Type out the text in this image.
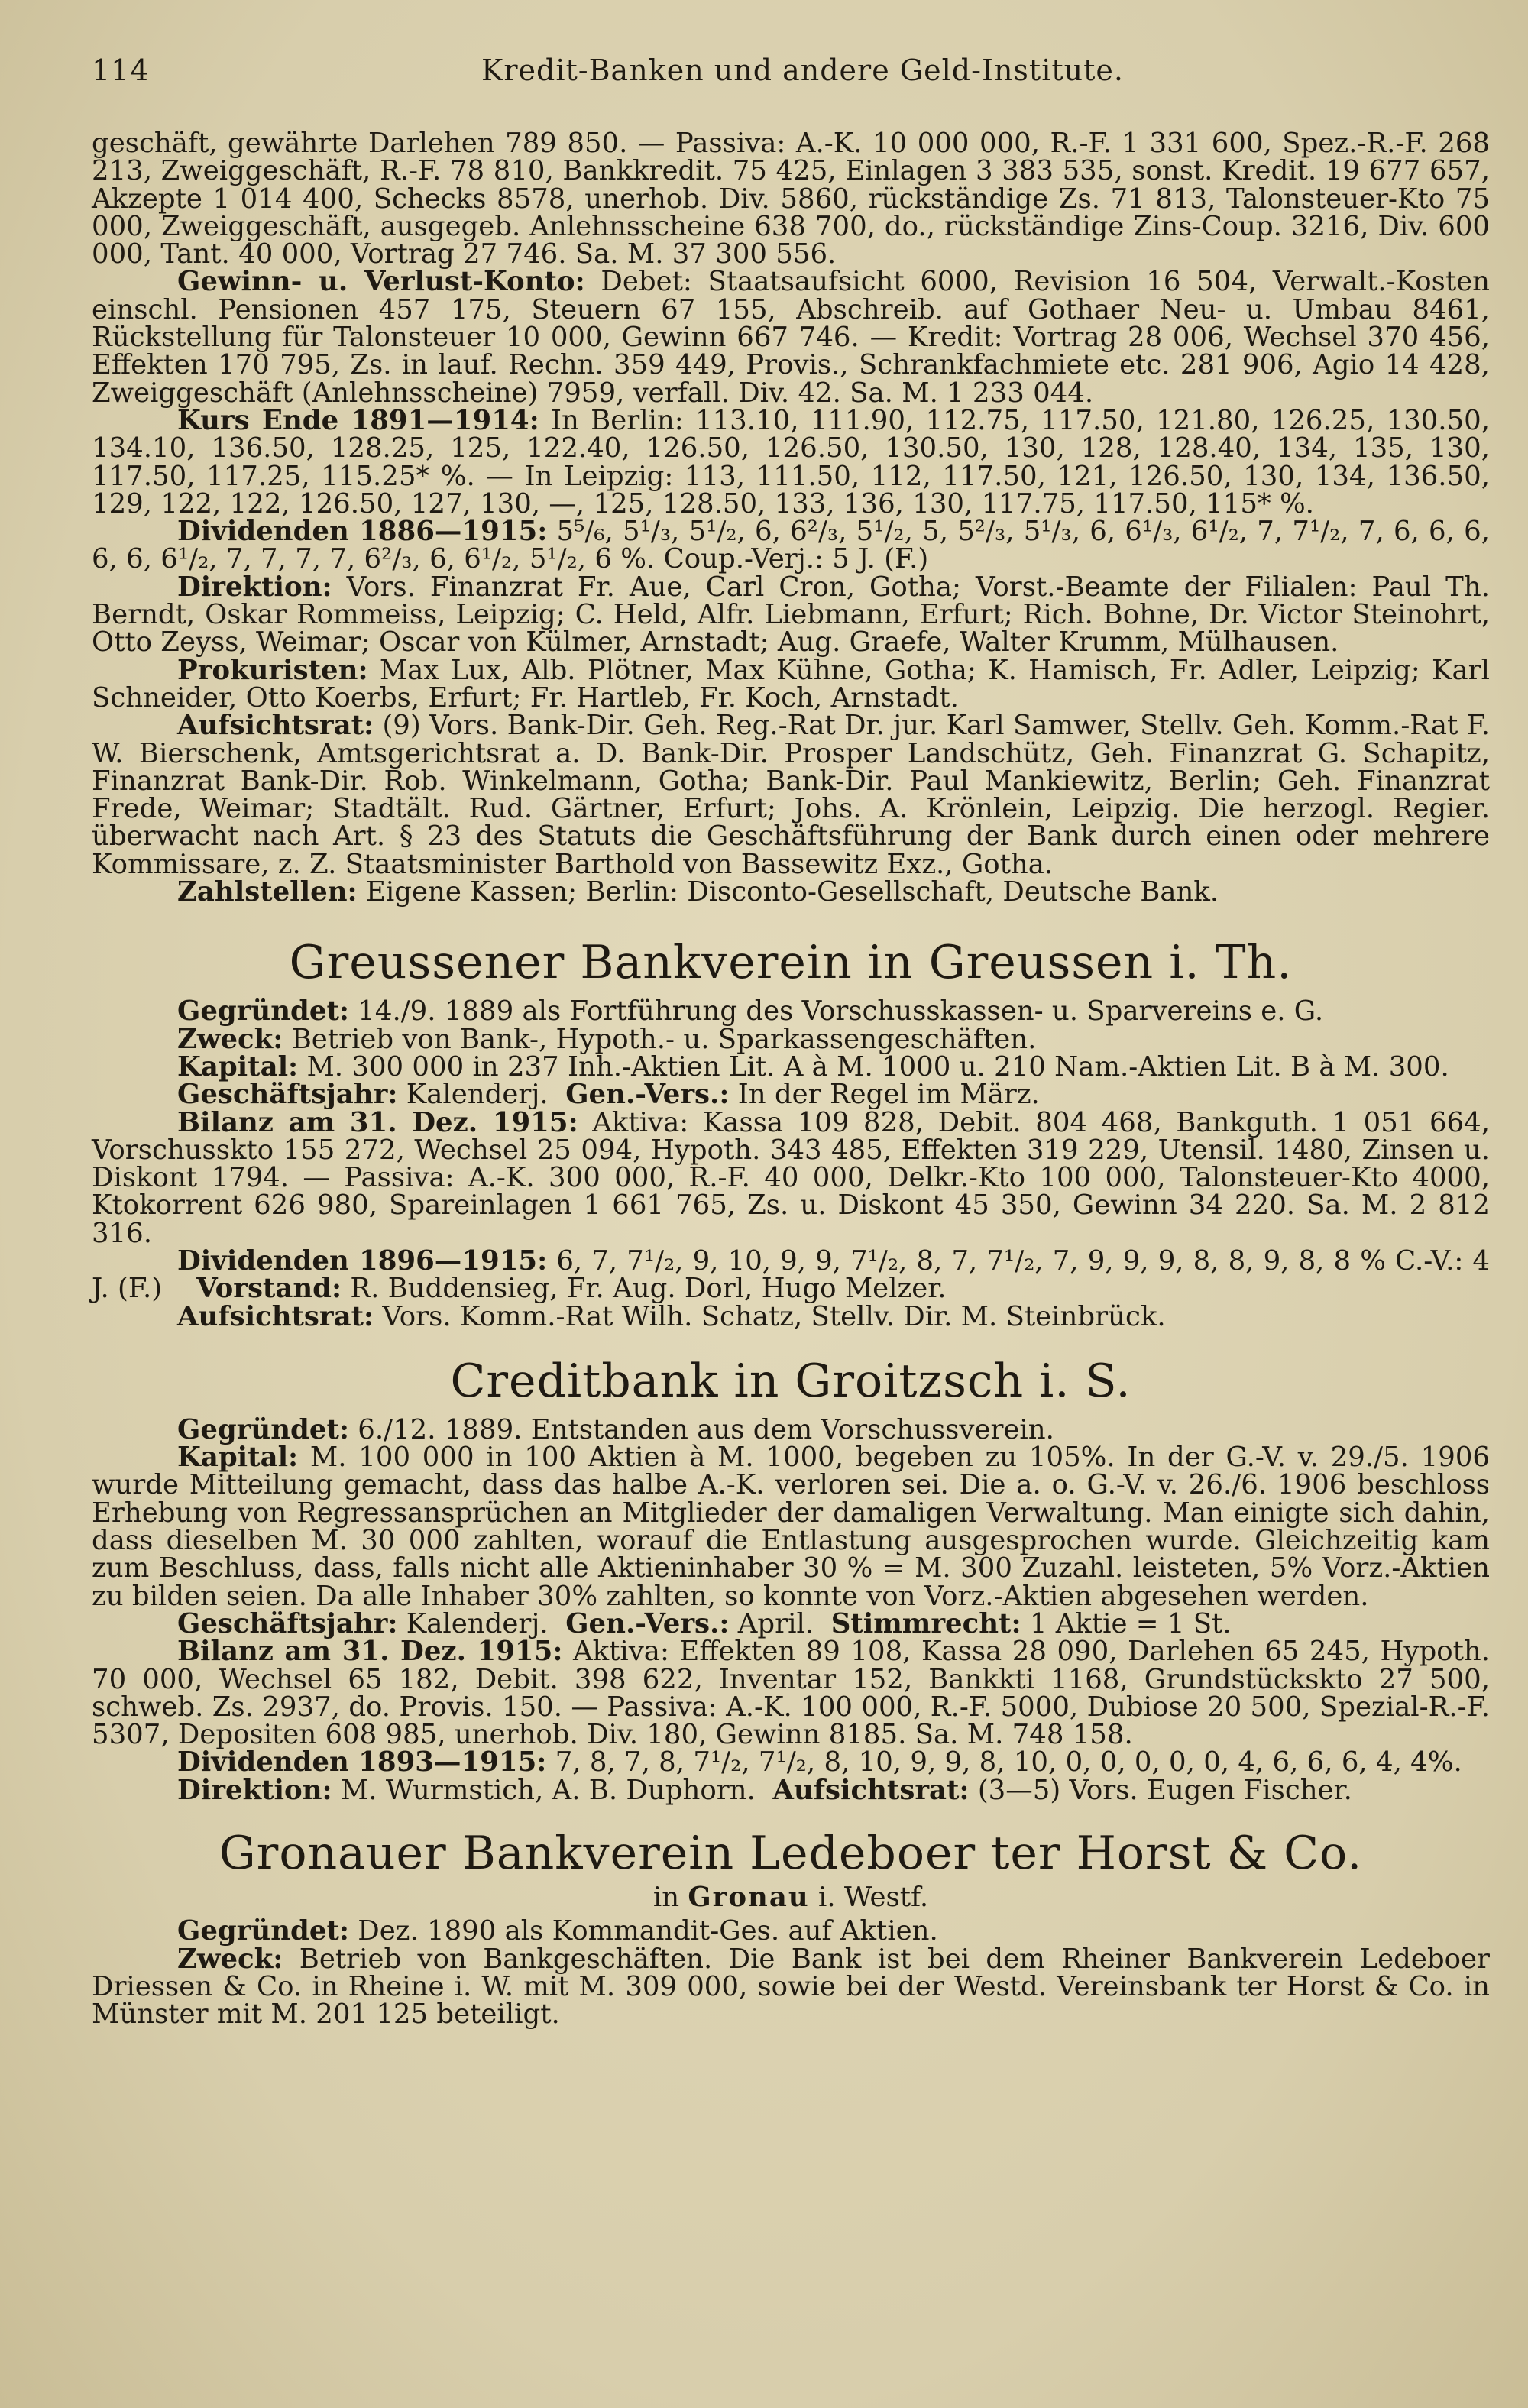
114	Kredit-Banken und andere Geld-Institute.

geschäft, gewährte Darlehen 789 850. — Passiva: A.-K. 10 000 000, R.-F. 1 331 600, Spez.-R.-F. 268 213, Zweiggeschäft, R.-F. 78 810, Bankkredit. 75 425, Einlagen 3 383 535, sonst. Kredit. 19 677 657, Akzepte 1 014 400, Schecks 8578, unerhob. Div. 5860, rückständige Zs. 71 813, Talonsteuer-Kto 75 000, Zweiggeschäft, ausgegeb. Anlehnsscheine 638 700, do., rückständige Zins-Coup. 3216, Div. 600 000, Tant. 40 000, Vortrag 27 746. Sa. M. 37 300 556.

Gewinn- u. Verlust-Konto: Debet: Staatsaufsicht 6000, Revision 16 504, Verwalt.-Kosten einschl. Pensionen 457 175, Steuern 67 155, Abschreib. auf Gothaer Neu- u. Umbau 8461, Rückstellung für Talonsteuer 10 000, Gewinn 667 746. — Kredit: Vortrag 28 006, Wechsel 370 456, Effekten 170 795, Zs. in lauf. Rechn. 359 449, Provis., Schrankfachmiete etc. 281 906, Agio 14 428, Zweiggeschäft (Anlehnsscheine) 7959, verfall. Div. 42. Sa. M. 1 233 044.

Kurs Ende 1891—1914: In Berlin: 113.10, 111.90, 112.75, 117.50, 121.80, 126.25, 130.50, 134.10, 136.50, 128.25, 125, 122.40, 126.50, 126.50, 130.50, 130, 128, 128.40, 134, 135, 130, 117.50, 117.25, 115.25* %. — In Leipzig: 113, 111.50, 112, 117.50, 121, 126.50, 130, 134, 136.50, 129, 122, 122, 126.50, 127, 130, —, 125, 128.50, 133, 136, 130, 117.75, 117.50, 115* %.

Dividenden 1886—1915: 5⁵/₆, 5¹/₃, 5¹/₂, 6, 6²/₃, 5¹/₂, 5, 5²/₃, 5¹/₃, 6, 6¹/₃, 6¹/₂, 7, 7¹/₂, 7, 6, 6, 6, 6, 6, 6¹/₂, 7, 7, 7, 7, 6²/₃, 6, 6¹/₂, 5¹/₂, 6 %. Coup.-Verj.: 5 J. (F.)

Direktion: Vors. Finanzrat Fr. Aue, Carl Cron, Gotha; Vorst.-Beamte der Filialen: Paul Th. Berndt, Oskar Rommeiss, Leipzig; C. Held, Alfr. Liebmann, Erfurt; Rich. Bohne, Dr. Victor Steinohrt, Otto Zeyss, Weimar; Oscar von Külmer, Arnstadt; Aug. Graefe, Walter Krumm, Mülhausen.

Prokuristen: Max Lux, Alb. Plötner, Max Kühne, Gotha; K. Hamisch, Fr. Adler, Leipzig; Karl Schneider, Otto Koerbs, Erfurt; Fr. Hartleb, Fr. Koch, Arnstadt.

Aufsichtsrat: (9) Vors. Bank-Dir. Geh. Reg.-Rat Dr. jur. Karl Samwer, Stellv. Geh. Komm.-Rat F. W. Bierschenk, Amtsgerichtsrat a. D. Bank-Dir. Prosper Landschütz, Geh. Finanzrat G. Schapitz, Finanzrat Bank-Dir. Rob. Winkelmann, Gotha; Bank-Dir. Paul Mankiewitz, Berlin; Geh. Finanzrat Frede, Weimar; Stadtält. Rud. Gärtner, Erfurt; Johs. A. Krönlein, Leipzig. Die herzogl. Regier. überwacht nach Art. § 23 des Statuts die Geschäftsführung der Bank durch einen oder mehrere Kommissare, z. Z. Staatsminister Barthold von Bassewitz Exz., Gotha.

Zahlstellen: Eigene Kassen; Berlin: Disconto-Gesellschaft, Deutsche Bank.

Greussener Bankverein in Greussen i. Th.

Gegründet: 14./9. 1889 als Fortführung des Vorschusskassen- u. Sparvereins e. G.

Zweck: Betrieb von Bank-, Hypoth.- u. Sparkassengeschäften.

Kapital: M. 300 000 in 237 Inh.-Aktien Lit. A à M. 1000 u. 210 Nam.-Aktien Lit. B à M. 300.

Geschäftsjahr: Kalenderj. Gen.-Vers.: In der Regel im März.

Bilanz am 31. Dez. 1915: Aktiva: Kassa 109 828, Debit. 804 468, Bankguth. 1 051 664, Vorschusskto 155 272, Wechsel 25 094, Hypoth. 343 485, Effekten 319 229, Utensil. 1480, Zinsen u. Diskont 1794. — Passiva: A.-K. 300 000, R.-F. 40 000, Delkr.-Kto 100 000, Talonsteuer-Kto 4000, Ktokorrent 626 980, Spareinlagen 1 661 765, Zs. u. Diskont 45 350, Gewinn 34 220. Sa. M. 2 812 316.

Dividenden 1896—1915: 6, 7, 7¹/₂, 9, 10, 9, 9, 7¹/₂, 8, 7, 7¹/₂, 7, 9, 9, 9, 8, 8, 9, 8, 8 % C.-V.: 4 J. (F.) Vorstand: R. Buddensieg, Fr. Aug. Dorl, Hugo Melzer.

Aufsichtsrat: Vors. Komm.-Rat Wilh. Schatz, Stellv. Dir. M. Steinbrück.

Creditbank in Groitzsch i. S.

Gegründet: 6./12. 1889. Entstanden aus dem Vorschussverein.

Kapital: M. 100 000 in 100 Aktien à M. 1000, begeben zu 105%. In der G.-V. v. 29./5. 1906 wurde Mitteilung gemacht, dass das halbe A.-K. verloren sei. Die a. o. G.-V. v. 26./6. 1906 beschloss Erhebung von Regressansprüchen an Mitglieder der damaligen Verwaltung. Man einigte sich dahin, dass dieselben M. 30 000 zahlten, worauf die Entlastung ausgesprochen wurde. Gleichzeitig kam zum Beschluss, dass, falls nicht alle Aktieninhaber 30 % = M. 300 Zuzahl. leisteten, 5% Vorz.-Aktien zu bilden seien. Da alle Inhaber 30% zahlten, so konnte von Vorz.-Aktien abgesehen werden.

Geschäftsjahr: Kalenderj. Gen.-Vers.: April. Stimmrecht: 1 Aktie = 1 St.

Bilanz am 31. Dez. 1915: Aktiva: Effekten 89 108, Kassa 28 090, Darlehen 65 245, Hypoth. 70 000, Wechsel 65 182, Debit. 398 622, Inventar 152, Bankkti 1168, Grundstückskto 27 500, schweb. Zs. 2937, do. Provis. 150. — Passiva: A.-K. 100 000, R.-F. 5000, Dubiose 20 500, Spezial-R.-F. 5307, Depositen 608 985, unerhob. Div. 180, Gewinn 8185. Sa. M. 748 158.

Dividenden 1893—1915: 7, 8, 7, 8, 7¹/₂, 7¹/₂, 8, 10, 9, 9, 8, 10, 0, 0, 0, 0, 0, 4, 6, 6, 6, 4, 4%.

Direktion: M. Wurmstich, A. B. Duphorn. Aufsichtsrat: (3—5) Vors. Eugen Fischer.

Gronauer Bankverein Ledeboer ter Horst & Co.
in Gronau i. Westf.

Gegründet: Dez. 1890 als Kommandit-Ges. auf Aktien.

Zweck: Betrieb von Bankgeschäften. Die Bank ist bei dem Rheiner Bankverein Ledeboer Driessen & Co. in Rheine i. W. mit M. 309 000, sowie bei der Westd. Vereinsbank ter Horst & Co. in Münster mit M. 201 125 beteiligt.
